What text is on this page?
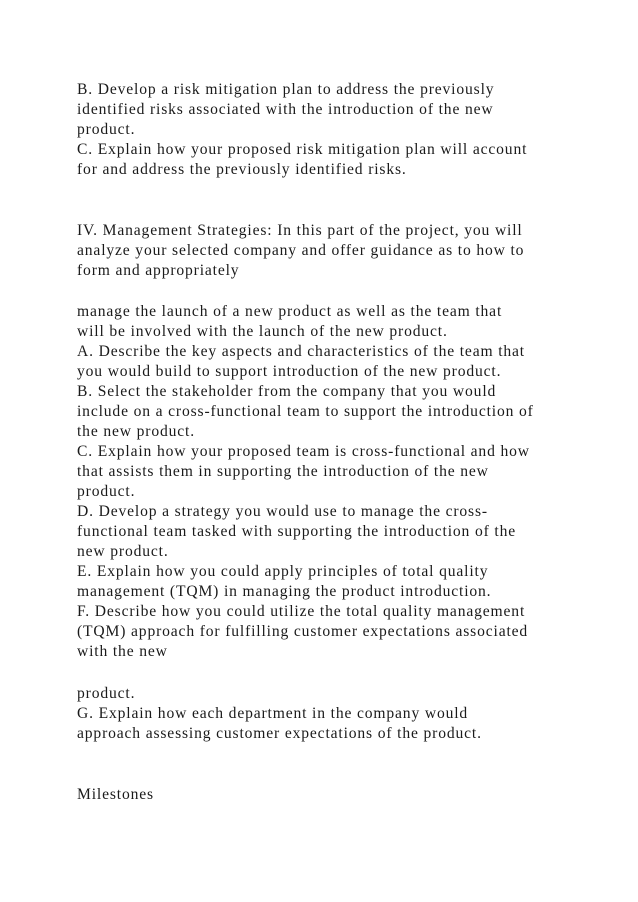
B. Develop a risk mitigation plan to address the previously
identified risks associated with the introduction of the new
product.
C. Explain how your proposed risk mitigation plan will account
for and address the previously identified risks.
IV. Management Strategies: In this part of the project, you will
analyze your selected company and offer guidance as to how to
form and appropriately
manage the launch of a new product as well as the team that
will be involved with the launch of the new product.
A. Describe the key aspects and characteristics of the team that
you would build to support introduction of the new product.
B. Select the stakeholder from the company that you would
include on a cross-functional team to support the introduction of
the new product.
C. Explain how your proposed team is cross-functional and how
that assists them in supporting the introduction of the new
product.
D. Develop a strategy you would use to manage the cross-
functional team tasked with supporting the introduction of the
new product.
E. Explain how you could apply principles of total quality
management (TQM) in managing the product introduction.
F. Describe how you could utilize the total quality management
(TQM) approach for fulfilling customer expectations associated
with the new
product.
G. Explain how each department in the company would
approach assessing customer expectations of the product.
Milestones
